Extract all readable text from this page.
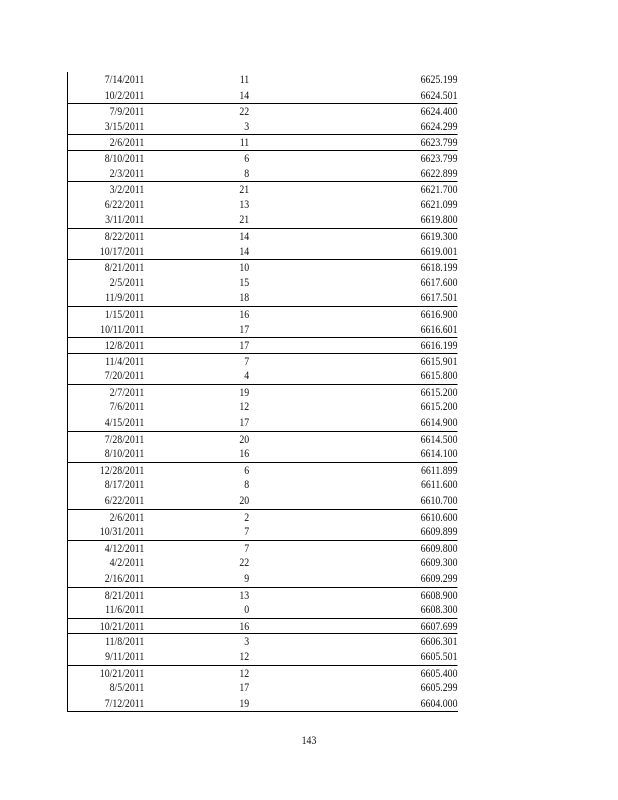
7/14/2011	11	6625.199
10/2/2011	14	6624.501
7/9/2011	22	6624.400
3/15/2011	3	6624.299
2/6/2011	11	6623.799
8/10/2011	6	6623.799
2/3/2011	8	6622.899
3/2/2011	21	6621.700
6/22/2011	13	6621.099
3/11/2011	21	6619.800
8/22/2011	14	6619.300
10/17/2011	14	6619.001
8/21/2011	10	6618.199
2/5/2011	15	6617.600
11/9/2011	18	6617.501
1/15/2011	16	6616.900
10/11/2011	17	6616.601
12/8/2011	17	6616.199
11/4/2011	7	6615.901
7/20/2011	4	6615.800
2/7/2011	19	6615.200
7/6/2011	12	6615.200
4/15/2011	17	6614.900
7/28/2011	20	6614.500
8/10/2011	16	6614.100
12/28/2011	6	6611.899
8/17/2011	8	6611.600
6/22/2011	20	6610.700
2/6/2011	2	6610.600
10/31/2011	7	6609.899
4/12/2011	7	6609.800
4/2/2011	22	6609.300
2/16/2011	9	6609.299
8/21/2011	13	6608.900
11/6/2011	0	6608.300
10/21/2011	16	6607.699
11/8/2011	3	6606.301
9/11/2011	12	6605.501
10/21/2011	12	6605.400
8/5/2011	17	6605.299
7/12/2011	19	6604.000
143
